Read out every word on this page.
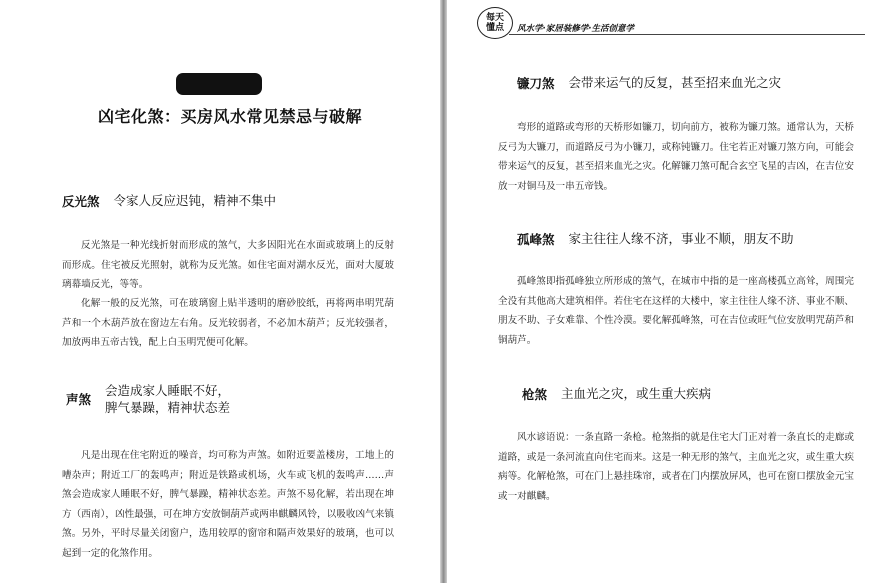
凶宅化煞：买房风水常见禁忌与破解
反光煞 令家人反应迟钝，精神不集中

反光煞是一种光线折射而形成的煞气，大多因阳光在水面或玻璃上的反射而形成。住宅被反光照射，就称为反光煞。如住宅面对湖水反光，面对大厦玻璃幕墙反光，等等。

化解一般的反光煞，可在玻璃窗上贴半透明的磨砂胶纸，再将两串明咒葫芦和一个木葫芦放在窗边左右角。反光较弱者，不必加木葫芦；反光较强者，加放两串五帝古钱，配上白玉明咒便可化解。

声煞
会造成家人睡眠不好，
脾气暴躁，精神状态差

凡是出现在住宅附近的噪音，均可称为声煞。如附近要盖楼房，工地上的嘈杂声；附近工厂的轰鸣声；附近是铁路或机场，火车或飞机的轰鸣声……声煞会造成家人睡眠不好，脾气暴躁，精神状态差。声煞不易化解，若出现在坤方（西南），凶性最强，可在坤方安放铜葫芦或两串麒麟风铃，以吸收凶气来镇煞。另外，平时尽量关闭窗户，选用较厚的窗帘和隔声效果好的玻璃，也可以起到一定的化煞作用。

每天
懂点 风水学·家居装修学·生活创意学
镰刀煞 会带来运气的反复，甚至招来血光之灾

弯形的道路或弯形的天桥形如镰刀，切向前方，被称为镰刀煞。通常认为，天桥反弓为大镰刀，而道路反弓为小镰刀，或称钝镰刀。住宅若正对镰刀煞方向，可能会带来运气的反复，甚至招来血光之灾。化解镰刀煞可配合玄空飞星的吉凶，在吉位安放一对铜马及一串五帝钱。

孤峰煞 家主往往人缘不济，事业不顺，朋友不助

孤峰煞即指孤峰独立所形成的煞气，在城市中指的是一座高楼孤立高耸，周围完全没有其他高大建筑相伴。若住宅在这样的大楼中，家主往往人缘不济、事业不顺、朋友不助、子女难靠、个性冷漠。要化解孤峰煞，可在吉位或旺气位安放明咒葫芦和铜葫芦。

枪煞 主血光之灾，或生重大疾病

风水谚语说：一条直路一条枪。枪煞指的就是住宅大门正对着一条直长的走廊或道路，或是一条河流直向住宅而来。这是一种无形的煞气，主血光之灾，或生重大疾病等。化解枪煞，可在门上悬挂珠帘，或者在门内摆放屏风，也可在窗口摆放金元宝或一对麒麟。
